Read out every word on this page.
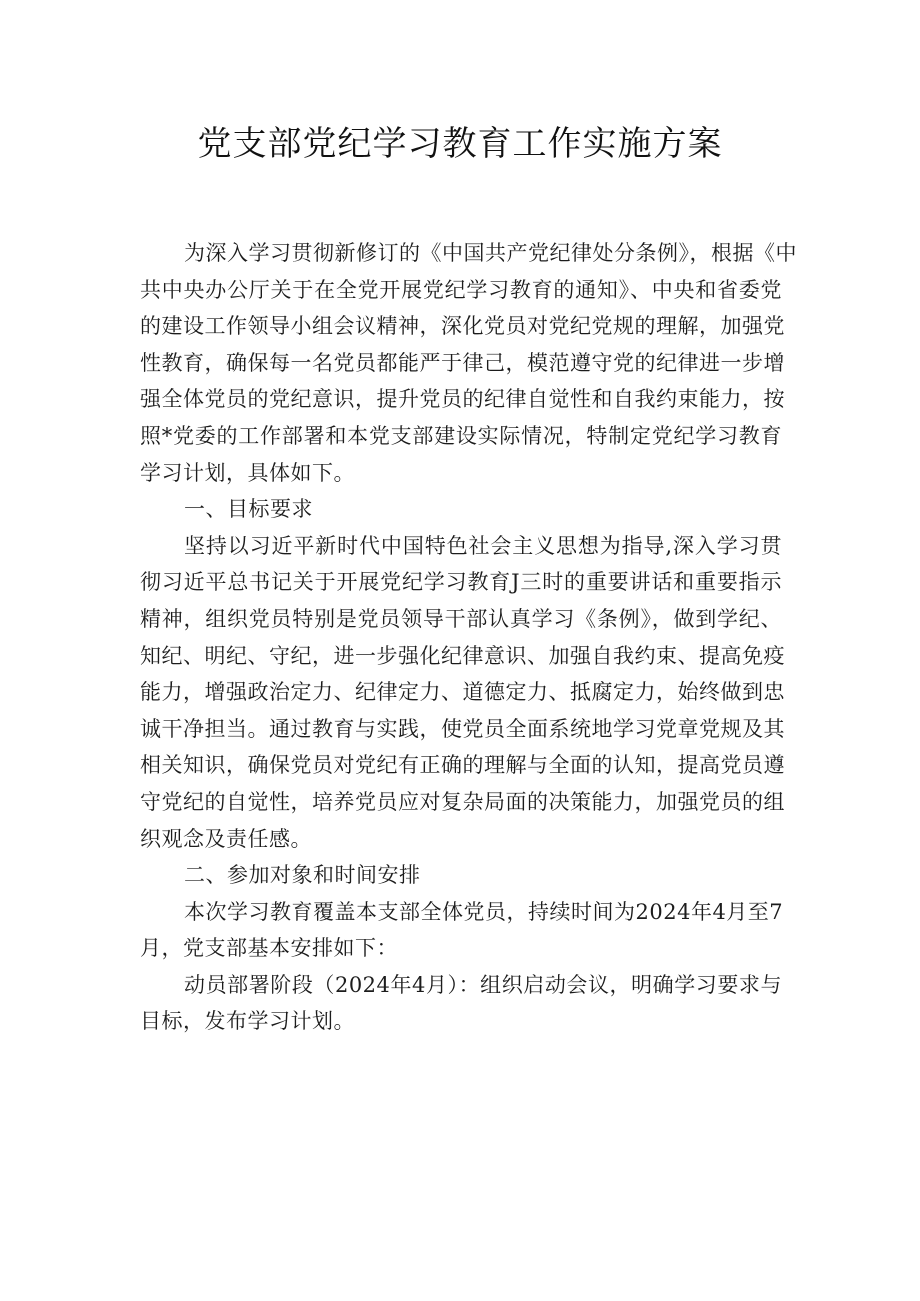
党支部党纪学习教育工作实施方案
为深入学习贯彻新修订的《中国共产党纪律处分条例》，根据《中
共中央办公厅关于在全党开展党纪学习教育的通知》、中央和省委党
的建设工作领导小组会议精神，深化党员对党纪党规的理解，加强党
性教育，确保每一名党员都能严于律己，模范遵守党的纪律进一步增
强全体党员的党纪意识，提升党员的纪律自觉性和自我约束能力，按
照*党委的工作部署和本党支部建设实际情况，特制定党纪学习教育
学习计划，具体如下。
一、目标要求
坚持以习近平新时代中国特色社会主义思想为指导,深入学习贯
彻习近平总书记关于开展党纪学习教育J三时的重要讲话和重要指示
精神，组织党员特别是党员领导干部认真学习《条例》，做到学纪、
知纪、明纪、守纪，进一步强化纪律意识、加强自我约束、提高免疫
能力，增强政治定力、纪律定力、道德定力、抵腐定力，始终做到忠
诚干净担当。通过教育与实践，使党员全面系统地学习党章党规及其
相关知识，确保党员对党纪有正确的理解与全面的认知，提高党员遵
守党纪的自觉性，培养党员应对复杂局面的决策能力，加强党员的组
织观念及责任感。
二、参加对象和时间安排
本次学习教育覆盖本支部全体党员，持续时间为2024年4月至7
月，党支部基本安排如下：
动员部署阶段（2024年4月）：组织启动会议，明确学习要求与
目标，发布学习计划。
